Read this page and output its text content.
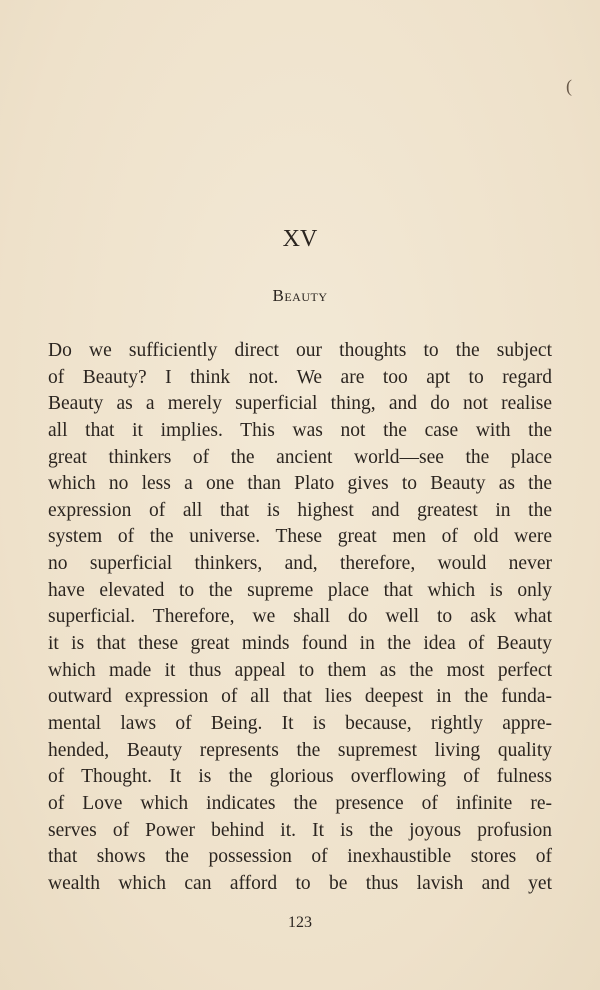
(
XV
Beauty
Do we sufficiently direct our thoughts to the subject
of Beauty? I think not. We are too apt to regard
Beauty as a merely superficial thing, and do not realise
all that it implies. This was not the case with the
great thinkers of the ancient world—see the place
which no less a one than Plato gives to Beauty as the
expression of all that is highest and greatest in the
system of the universe. These great men of old were
no superficial thinkers, and, therefore, would never
have elevated to the supreme place that which is only
superficial. Therefore, we shall do well to ask what
it is that these great minds found in the idea of Beauty
which made it thus appeal to them as the most perfect
outward expression of all that lies deepest in the funda-
mental laws of Being. It is because, rightly appre-
hended, Beauty represents the supremest living quality
of Thought. It is the glorious overflowing of fulness
of Love which indicates the presence of infinite re-
serves of Power behind it. It is the joyous profusion
that shows the possession of inexhaustible stores of
wealth which can afford to be thus lavish and yet
123
